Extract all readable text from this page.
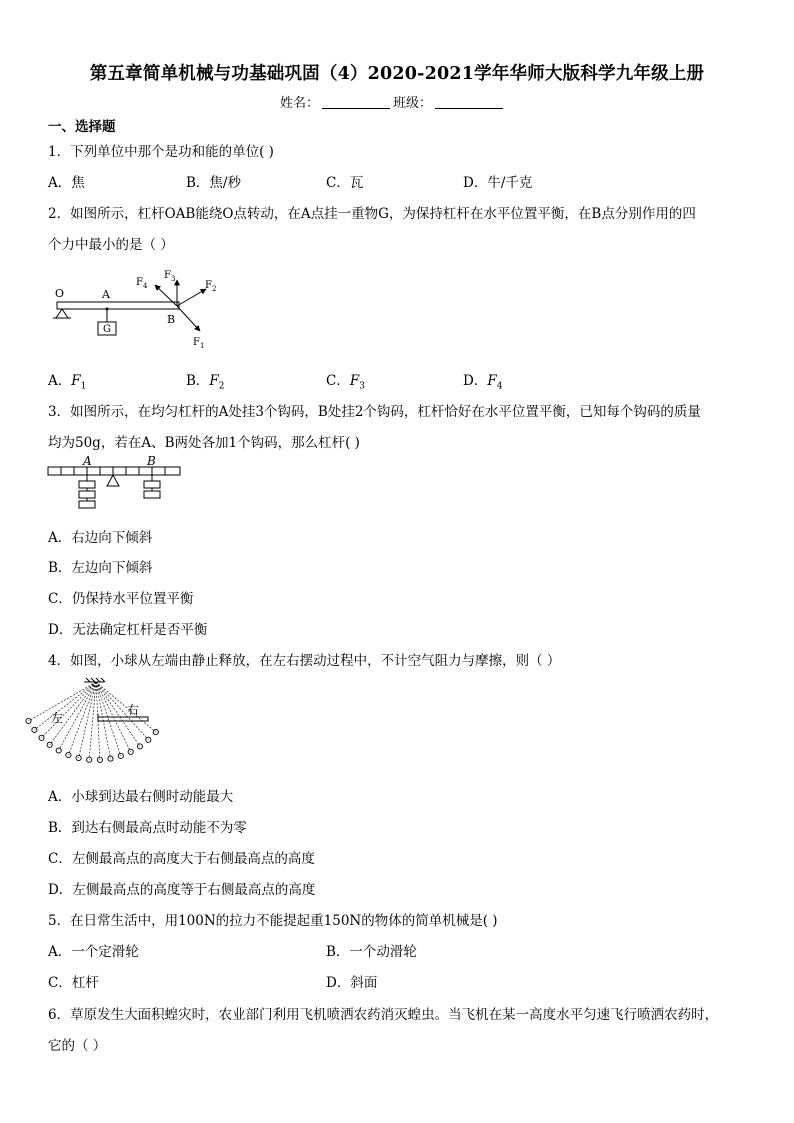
第五章简单机械与功基础巩固（4）2020-2021学年华师大版科学九年级上册
姓名：	班级：
一、选择题
1．下列单位中那个是功和能的单位( )
A．焦	B．焦/秒	C．瓦	D．牛/千克
2．如图所示，杠杆OAB能绕O点转动，在A点挂一重物G，为保持杠杆在水平位置平衡，在B点分别作用的四
个力中最小的是（ ）
G
O	A
B
$F_1$
$F_2$
$F_3$
$F_4$
A．$F_1$	B．$F_2$	C．$F_3$	D．$F_4$
3．如图所示，在均匀杠杆的A处挂3个钩码，B处挂2个钩码，杠杆恰好在水平位置平衡，已知每个钩码的质量
均为50g，若在A、B两处各加1个钩码，那么杠杆( )
A	B
A．右边向下倾斜
B．左边向下倾斜
C．仍保持水平位置平衡
D．无法确定杠杆是否平衡
4．如图，小球从左端由静止释放，在左右摆动过程中，不计空气阻力与摩擦，则（ ）
左
右
A．小球到达最右侧时动能最大
B．到达右侧最高点时动能不为零
C．左侧最高点的高度大于右侧最高点的高度
D．左侧最高点的高度等于右侧最高点的高度
5．在日常生活中，用100N的拉力不能提起重150N的物体的简单机械是( )
A．一个定滑轮	B．一个动滑轮
C．杠杆	D．斜面
6．草原发生大面积蝗灾时，农业部门利用飞机喷洒农药消灭蝗虫。当飞机在某一高度水平匀速飞行喷洒农药时，
它的（ ）
